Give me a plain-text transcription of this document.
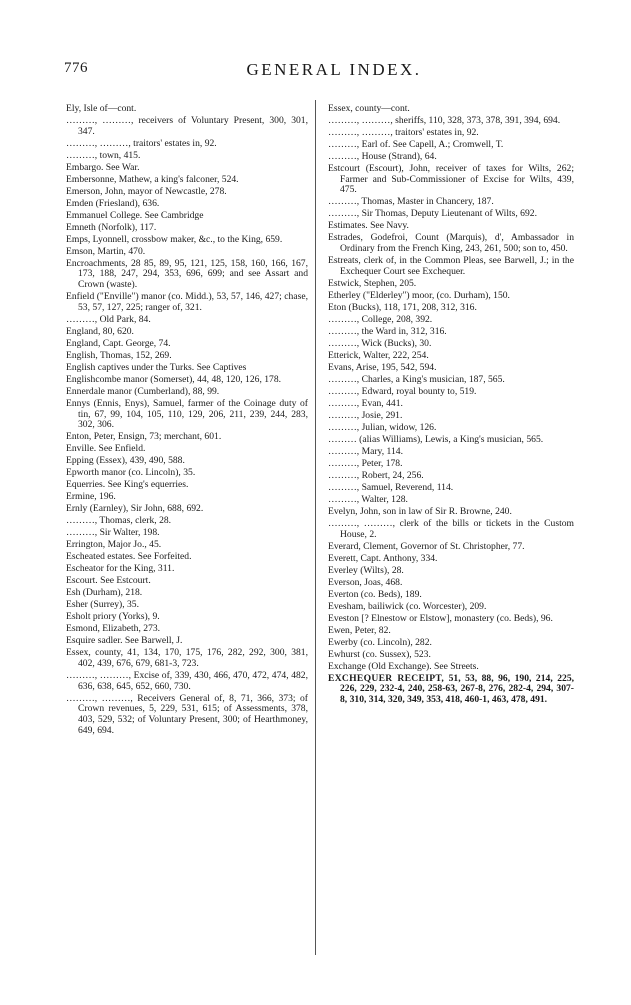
776	GENERAL INDEX.
Ely, Isle of—cont.
………, ………, receivers of Voluntary Present, 300, 301, 347.
………, ………, traitors' estates in, 92.
………, town, 415.
Embargo. See War.
Embersonne, Mathew, a king's falconer, 524.
Emerson, John, mayor of Newcastle, 278.
Emden (Friesland), 636.
Emmanuel College. See Cambridge
Emneth (Norfolk), 117.
Emps, Lyonnell, crossbow maker, &c., to the King, 659.
Emson, Martin, 470.
Encroachments, 28 85, 89, 95, 121, 125, 158, 160, 166, 167, 173, 188, 247, 294, 353, 696, 699; and see Assart and Crown (waste).
Enfield ("Enville") manor (co. Midd.), 53, 57, 146, 427; chase, 53, 57, 127, 225; ranger of, 321.
………, Old Park, 84.
England, 80, 620.
England, Capt. George, 74.
English, Thomas, 152, 269.
English captives under the Turks. See Captives
Englishcombe manor (Somerset), 44, 48, 120, 126, 178.
Ennerdale manor (Cumberland), 88, 99.
Ennys (Ennis, Enys), Samuel, farmer of the Coinage duty of tin, 67, 99, 104, 105, 110, 129, 206, 211, 239, 244, 283, 302, 306.
Enton, Peter, Ensign, 73; merchant, 601.
Enville. See Enfield.
Epping (Essex), 439, 490, 588.
Epworth manor (co. Lincoln), 35.
Equerries. See King's equerries.
Ermine, 196.
Ernly (Earnley), Sir John, 688, 692.
………, Thomas, clerk, 28.
………, Sir Walter, 198.
Errington, Major Jo., 45.
Escheated estates. See Forfeited.
Escheator for the King, 311.
Escourt. See Estcourt.
Esh (Durham), 218.
Esher (Surrey), 35.
Esholt priory (Yorks), 9.
Esmond, Elizabeth, 273.
Esquire sadler. See Barwell, J.
Essex, county, 41, 134, 170, 175, 176, 282, 292, 300, 381, 402, 439, 676, 679, 681-3, 723.
………, ………, Excise of, 339, 430, 466, 470, 472, 474, 482, 636, 638, 645, 652, 660, 730.
………, ………, Receivers General of, 8, 71, 366, 373; of Crown revenues, 5, 229, 531, 615; of Assessments, 378, 403, 529, 532; of Voluntary Present, 300; of Hearthmoney, 649, 694.
Essex, county—cont.
………, ………, sheriffs, 110, 328, 373, 378, 391, 394, 694.
………, ………, traitors' estates in, 92.
………, Earl of. See Capell, A.; Cromwell, T.
………, House (Strand), 64.
Estcourt (Escourt), John, receiver of taxes for Wilts, 262; Farmer and Sub-Commissioner of Excise for Wilts, 439, 475.
………, Thomas, Master in Chancery, 187.
………, Sir Thomas, Deputy Lieutenant of Wilts, 692.
Estimates. See Navy.
Estrades, Godefroi, Count (Marquis), d', Ambassador in Ordinary from the French King, 243, 261, 500; son to, 450.
Estreats, clerk of, in the Common Pleas, see Barwell, J.; in the Exchequer Court see Exchequer.
Estwick, Stephen, 205.
Etherley ("Elderley") moor, (co. Durham), 150.
Eton (Bucks), 118, 171, 208, 312, 316.
………, College, 208, 392.
………, the Ward in, 312, 316.
………, Wick (Bucks), 30.
Etterick, Walter, 222, 254.
Evans, Arise, 195, 542, 594.
………, Charles, a King's musician, 187, 565.
………, Edward, royal bounty to, 519.
………, Evan, 441.
………, Josie, 291.
………, Julian, widow, 126.
……… (alias Williams), Lewis, a King's musician, 565.
………, Mary, 114.
………, Peter, 178.
………, Robert, 24, 256.
………, Samuel, Reverend, 114.
………, Walter, 128.
Evelyn, John, son in law of Sir R. Browne, 240.
………, ………, clerk of the bills or tickets in the Custom House, 2.
Everard, Clement, Governor of St. Christopher, 77.
Everett, Capt. Anthony, 334.
Everley (Wilts), 28.
Everson, Joas, 468.
Everton (co. Beds), 189.
Evesham, bailiwick (co. Worcester), 209.
Eveston [? Elnestow or Elstow], monastery (co. Beds), 96.
Ewen, Peter, 82.
Ewerby (co. Lincoln), 282.
Ewhurst (co. Sussex), 523.
Exchange (Old Exchange). See Streets.
EXCHEQUER RECEIPT, 51, 53, 88, 96, 190, 214, 225, 226, 229, 232-4, 240, 258-63, 267-8, 276, 282-4, 294, 307-8, 310, 314, 320, 349, 353, 418, 460-1, 463, 478, 491.
